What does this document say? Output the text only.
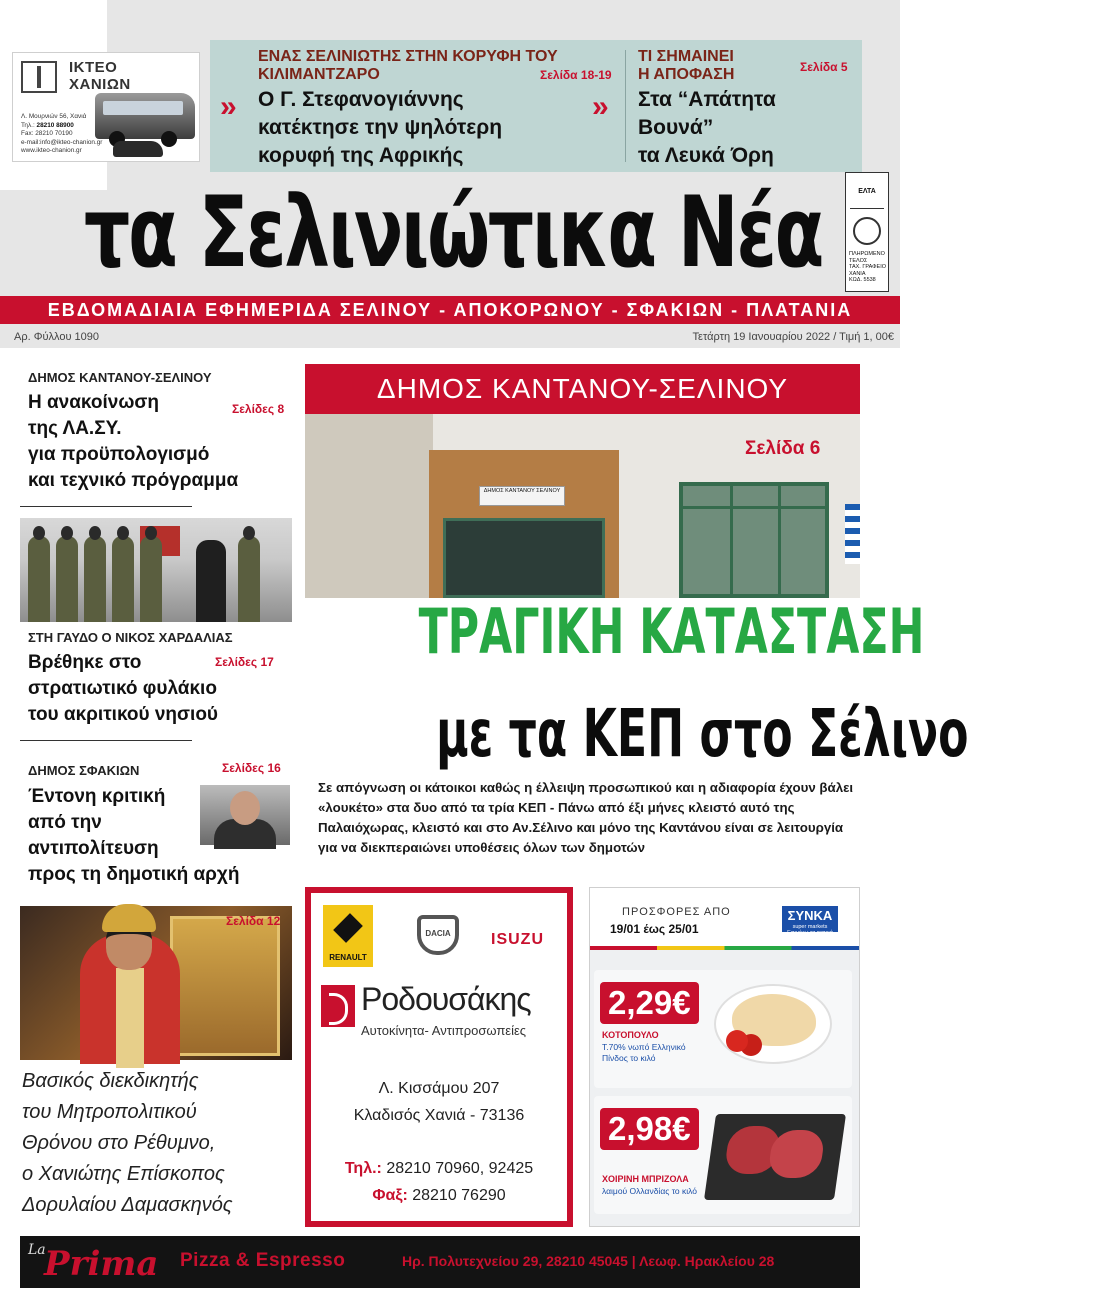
ΙΚΤΕΟ
ΧΑΝΙΩΝ
Λ. Μουρνιών 56, Χανιά
Τηλ.: 28210 88900
Fax: 28210 70190
e-mail:info@ikteo-chanion.gr
www.ikteo-chanion.gr
ΕΝΑΣ ΣΕΛΙΝΙΩΤΗΣ ΣΤΗΝ ΚΟΡΥΦΗ ΤΟΥ ΚΙΛΙΜΑΝΤΖΑΡΟ	Σελίδα 18-19
» Ο Γ. Στεφανογιάννης
κατέκτησε την ψηλότερη
κορυφή της Αφρικής
ΤΙ ΣΗΜΑΙΝΕΙ
Η ΑΠΟΦΑΣΗ	Σελίδα 5
» Στα “Απάτητα
Βουνά”
τα Λευκά Όρη
τα Σελινιώτικα Νέα	ΕΛΤΑ
ΠΛΗΡΩΜΕΝΟ
ΤΕΛΟΣ
ΤΑΧ. ΓΡΑΦΕΙΟ
ΧΑΝΙΑ
ΚΩΔ. 5538
ΕΒΔΟΜΑΔΙΑΙΑ ΕΦΗΜΕΡΙΔΑ ΣΕΛΙΝΟΥ - ΑΠΟΚΟΡΩΝΟΥ - ΣΦΑΚΙΩΝ - ΠΛΑΤΑΝΙΑ
Αρ. Φύλλου 1090	Τετάρτη 19 Ιανουαρίου 2022 / Τιμή 1, 00€
ΔΗΜΟΣ ΚΑΝΤΑΝΟΥ-ΣΕΛΙΝΟΥ
Σελίδες 8
Η ανακοίνωση
της ΛΑ.ΣΥ.
για προϋπολογισμό
και τεχνικό πρόγραμμα
ΣΤΗ ΓΑΥΔΟ Ο ΝΙΚΟΣ ΧΑΡΔΑΛΙΑΣ
Σελίδες 17
Βρέθηκε στο
στρατιωτικό φυλάκιο
του ακριτικού νησιού
ΔΗΜΟΣ ΣΦΑΚΙΩΝ	Σελίδες 16
Έντονη κριτική
από την
αντιπολίτευση
προς τη δημοτική αρχή
Σελίδα 12
Βασικός διεκδικητής
του Μητροπολιτικού
Θρόνου στο Ρέθυμνο,
ο Χανιώτης Επίσκοπος
Δορυλαίου Δαμασκηνός
ΔΗΜΟΣ ΚΑΝΤΑΝΟΥ-ΣΕΛΙΝΟΥ
ΔΗΜΟΣ ΚΑΝΤΑΝΟΥ ΣΕΛΙΝΟΥ
Σελίδα 6
ΤΡΑΓΙΚΗ ΚΑΤΑΣΤΑΣΗ
με τα ΚΕΠ στο Σέλινο
Σε απόγνωση οι κάτοικοι καθώς η έλλειψη προσωπικού και η αδιαφορία έχουν βάλει «λουκέτο» στα δυο από τα τρία ΚΕΠ - Πάνω από έξι μήνες κλειστό αυτό της Παλαιόχωρας, κλειστό και στο Αν.Σέλινο και μόνο της Καντάνου είναι σε λειτουργία για να διεκπεραιώνει υποθέσεις όλων των δημοτών
RENAULT
DACIA	ISUZU
Ροδουσάκης
Αυτοκίνητα- Αντιπροσωπείες
Λ. Κισσάμου 207
Κλαδισός Χανιά - 73136
Τηλ.: 28210 70960, 92425
Φαξ: 28210 76290
ΠΡΟΣΦΟΡΕΣ ΑΠΟ
19/01 έως 25/01
ΣΥΝΚΑ
super markets
Επιμένω τα τοπικά μου
2,29€
ΚΟΤΟΠΟΥΛΟ
Τ.70% νωπό Ελληνικό
Πίνδος το κιλό
2,98€
ΧΟΙΡΙΝΗ ΜΠΡΙΖΟΛΑ
λαιμού Ολλανδίας το κιλό
La
Prima Pizza & Espresso	Ηρ. Πολυτεχνείου 29, 28210 45045 | Λεωφ. Ηρακλείου 28
